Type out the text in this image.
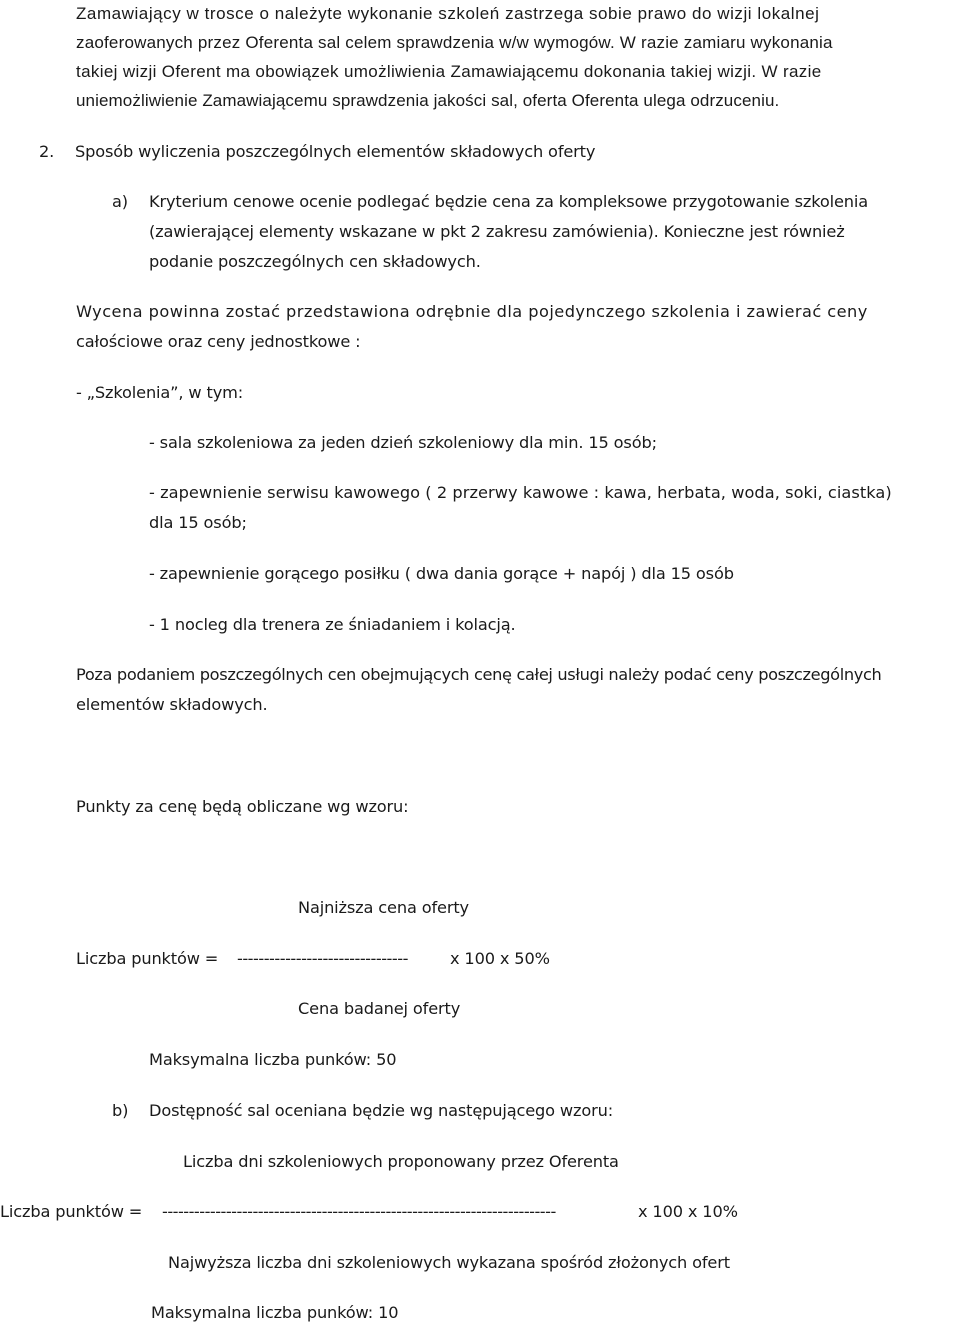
Zamawiający w trosce o należyte wykonanie szkoleń zastrzega sobie prawo do wizji lokalnej
zaoferowanych przez Oferenta sal celem sprawdzenia w/w wymogów. W razie zamiaru wykonania
takiej wizji Oferent ma obowiązek umożliwienia Zamawiającemu dokonania takiej wizji. W razie
uniemożliwienie Zamawiającemu sprawdzenia jakości sal, oferta Oferenta ulega odrzuceniu.
2. Sposób wyliczenia poszczególnych elementów składowych oferty
a) Kryterium cenowe ocenie podlegać będzie cena za kompleksowe przygotowanie szkolenia
(zawierającej elementy wskazane w pkt 2 zakresu zamówienia). Konieczne jest również
podanie poszczególnych cen składowych.
Wycena powinna zostać przedstawiona odrębnie dla pojedynczego szkolenia i zawierać ceny
całościowe oraz ceny jednostkowe :
- „Szkolenia”, w tym:
- sala szkoleniowa za jeden dzień szkoleniowy dla min. 15 osób;
- zapewnienie serwisu kawowego ( 2 przerwy kawowe : kawa, herbata, woda, soki, ciastka)
dla 15 osób;
- zapewnienie gorącego posiłku ( dwa dania gorące + napój ) dla 15 osób
- 1 nocleg dla trenera ze śniadaniem i kolacją.
Poza podaniem poszczególnych cen obejmujących cenę całej usługi należy podać ceny poszczególnych
elementów składowych.
Punkty za cenę będą obliczane wg wzoru:
Najniższa cena oferty
Liczba punktów = --------------------------------	x 100 x 50%
Cena badanej oferty
Maksymalna liczba punków: 50
b) Dostępność sal oceniana będzie wg następującego wzoru:
Liczba dni szkoleniowych proponowany przez Oferenta
Liczba punktów = --------------------------------------------------------------------------	x 100 x 10%
Najwyższa liczba dni szkoleniowych wykazana spośród złożonych ofert
Maksymalna liczba punków: 10
